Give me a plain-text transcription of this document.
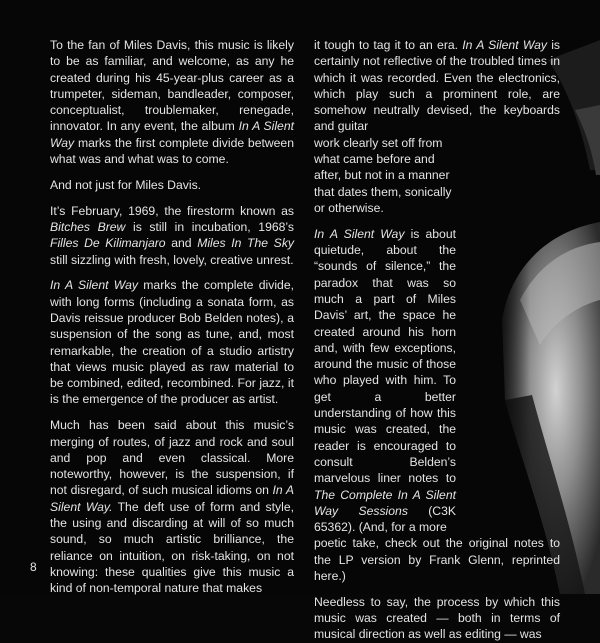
To the fan of Miles Davis, this music is likely to be as familiar, and welcome, as any he created during his 45-year-plus career as a trumpeter, sideman, bandleader, composer, conceptualist, troublemaker, renegade, innovator. In any event, the album In A Silent Way marks the first complete divide between what was and what was to come.

And not just for Miles Davis.

It’s February, 1969, the firestorm known as Bitches Brew is still in incubation, 1968’s Filles De Kilimanjaro and Miles In The Sky still sizzling with fresh, lovely, creative unrest.

In A Silent Way marks the complete divide, with long forms (including a sonata form, as Davis reissue producer Bob Belden notes), a suspension of the song as tune, and, most remarkable, the creation of a studio artistry that views music played as raw material to be combined, edited, recombined. For jazz, it is the emergence of the producer as artist.

Much has been said about this music’s merging of routes, of jazz and rock and soul and pop and even classical. More noteworthy, however, is the suspension, if not disregard, of such musical idioms on In A Silent Way. The deft use of form and style, the using and discarding at will of so much sound, so much artistic brilliance, the reliance on intuition, on risk-taking, on not knowing: these qualities give this music a kind of non-temporal nature that makes

it tough to tag it to an era. In A Silent Way is certainly not reflective of the troubled times in which it was recorded. Even the electronics, which play such a prominent role, are somehow neutrally devised, the keyboards and guitar
work clearly set off from what came before and after, but not in a manner that dates them, sonically or otherwise.

In A Silent Way is about quietude, about the “sounds of silence,” the paradox that was so much a part of Miles Davis’ art, the space he created around his horn and, with few exceptions, around the music of those who played with him. To get a better understanding of how this music was created, the reader is encouraged to consult Belden’s marvelous liner notes to The Complete In A Silent Way Sessions (C3K 65362). (And, for a more

poetic take, check out the original notes to the LP version by Frank Glenn, reprinted here.)

Needless to say, the process by which this music was created — both in terms of musical direction as well as editing — was

8
